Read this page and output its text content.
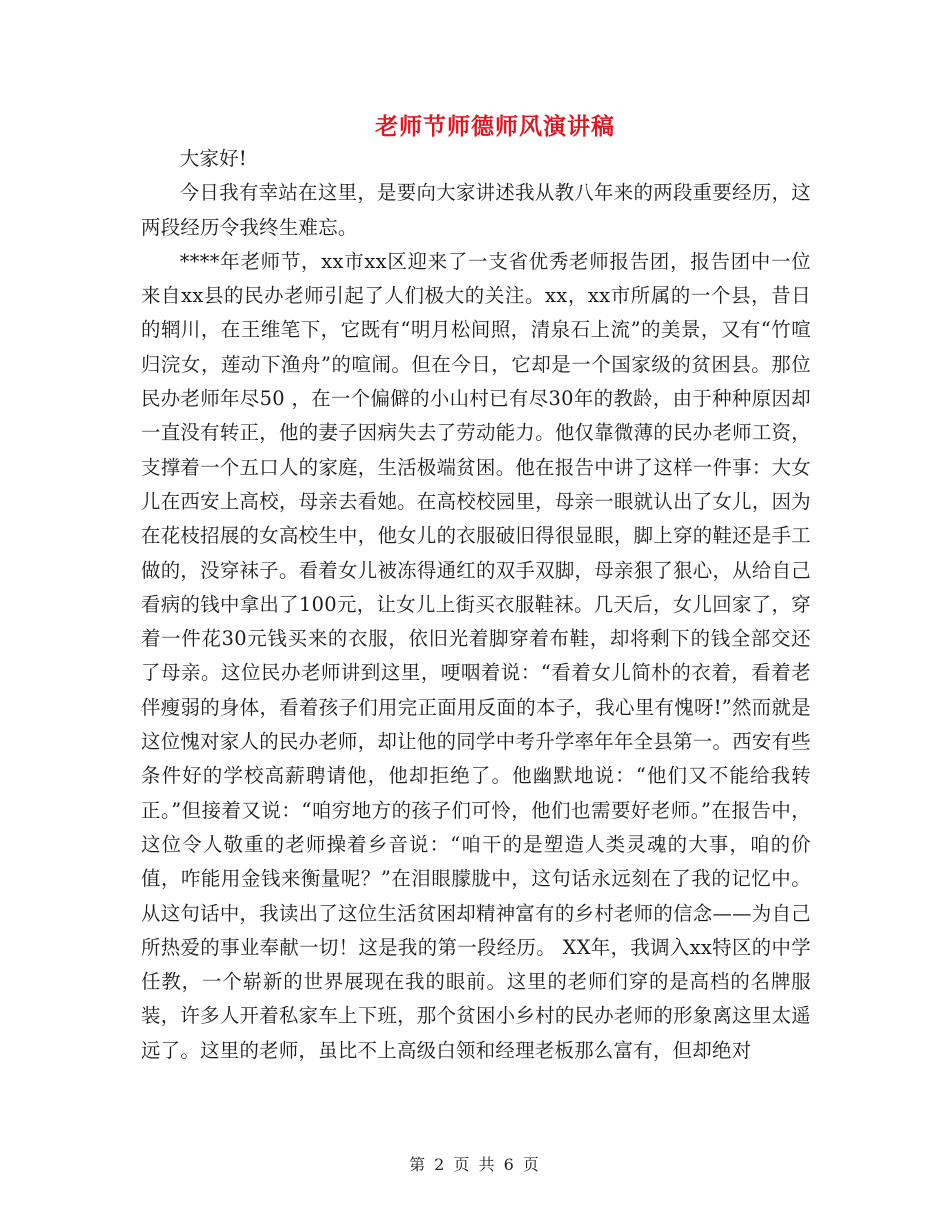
老师节师德师风演讲稿

大家好!

今日我有幸站在这里，是要向大家讲述我从教八年来的两段重要经历，这两段经历令我终生难忘。

****年老师节，xx市xx区迎来了一支省优秀老师报告团，报告团中一位来自xx县的民办老师引起了人们极大的关注。xx，xx市所属的一个县，昔日的辋川，在王维笔下，它既有“明月松间照，清泉石上流”的美景，又有“竹喧归浣女，莲动下渔舟”的喧闹。但在今日，它却是一个国家级的贫困县。那位民办老师年尽50 ，在一个偏僻的小山村已有尽30年的教龄，由于种种原因却一直没有转正，他的妻子因病失去了劳动能力。他仅靠微薄的民办老师工资，支撑着一个五口人的家庭，生活极端贫困。他在报告中讲了这样一件事：大女儿在西安上高校，母亲去看她。在高校校园里，母亲一眼就认出了女儿，因为在花枝招展的女高校生中，他女儿的衣服破旧得很显眼，脚上穿的鞋还是手工做的，没穿袜子。看着女儿被冻得通红的双手双脚，母亲狠了狠心，从给自己看病的钱中拿出了100元，让女儿上街买衣服鞋袜。几天后，女儿回家了，穿着一件花30元钱买来的衣服，依旧光着脚穿着布鞋，却将剩下的钱全部交还了母亲。这位民办老师讲到这里，哽咽着说：“看着女儿简朴的衣着，看着老伴瘦弱的身体，看着孩子们用完正面用反面的本子，我心里有愧呀!”然而就是这位愧对家人的民办老师，却让他的同学中考升学率年年全县第一。西安有些条件好的学校高薪聘请他，他却拒绝了。他幽默地说：“他们又不能给我转正。”但接着又说：“咱穷地方的孩子们可怜，他们也需要好老师。”在报告中，这位令人敬重的老师操着乡音说：“咱干的是塑造人类灵魂的大事，咱的价值，咋能用金钱来衡量呢？”在泪眼朦胧中，这句话永远刻在了我的记忆中。从这句话中，我读出了这位生活贫困却精神富有的乡村老师的信念——为自己所热爱的事业奉献一切！这是我的第一段经历。 XX年，我调入xx特区的中学任教，一个崭新的世界展现在我的眼前。这里的老师们穿的是高档的名牌服装，许多人开着私家车上下班，那个贫困小乡村的民办老师的形象离这里太遥远了。这里的老师，虽比不上高级白领和经理老板那么富有，但却绝对

第 2 页 共 6 页
